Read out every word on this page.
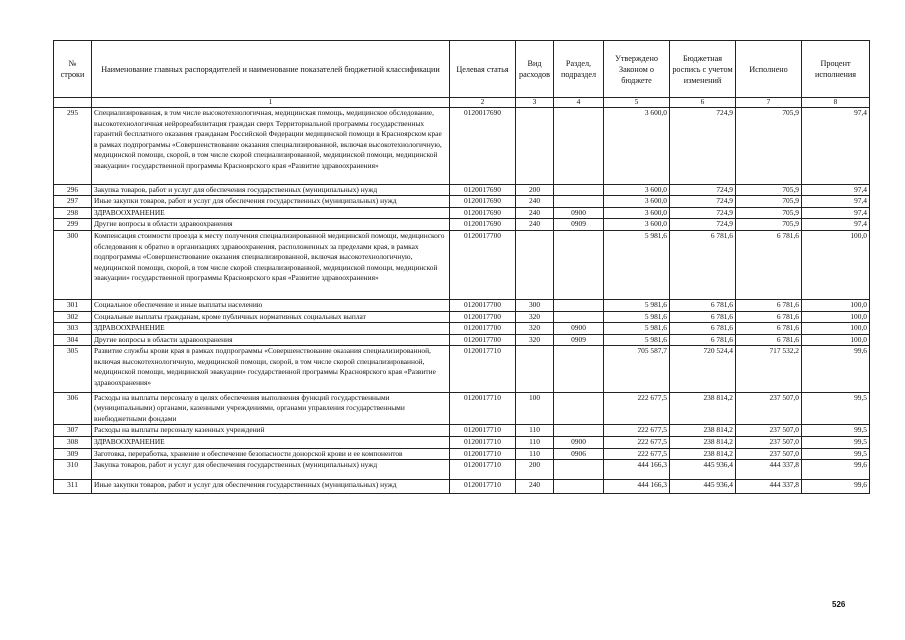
№ строки	Наименование главных распорядителей и наименование показателей бюджетной классификации	Целевая статья	Вид расходов	Раздел, подраздел	Утверждено Законом о бюджете	Бюджетная роспись с учетом изменений	Исполнено	Процент исполнения
	1	2	3	4	5	6	7	8
295	Специализированная, в том числе высокотехнологичная, медицинская помощь, медицинское обследование, высокотехнологичная нейрореабилитация граждан сверх Территориальной программы государственных гарантий бесплатного оказания гражданам Российской Федерации медицинской помощи в Красноярском крае в рамках подпрограммы «Совершенствование оказания специализированной, включая высокотехнологичную, медицинской помощи, скорой, в том числе скорой специализированной, медицинской помощи, медицинской эвакуации» государственной программы Красноярского края «Развитие здравоохранения»	0120017690			3 600,0	724,9	705,9	97,4
296	Закупка товаров, работ и услуг для обеспечения государственных (муниципальных) нужд	0120017690	200		3 600,0	724,9	705,9	97,4
297	Иные закупки товаров, работ и услуг для обеспечения государственных (муниципальных) нужд	0120017690	240		3 600,0	724,9	705,9	97,4
298	ЗДРАВООХРАНЕНИЕ	0120017690	240	0900	3 600,0	724,9	705,9	97,4
299	Другие вопросы в области здравоохранения	0120017690	240	0909	3 600,0	724,9	705,9	97,4
300	Компенсация стоимости проезда к месту получения специализированной медицинской помощи, медицинского обследования к обратно в организациях здравоохранения, расположенных за пределами края, в рамках подпрограммы «Совершенствование оказания специализированной, включая высокотехнологичную, медицинской помощи, скорой, в том числе скорой специализированной, медицинской помощи, медицинской эвакуации» государственной программы Красноярского края «Развитие здравоохранения»	0120017700			5 981,6	6 781,6	6 781,6	100,0
301	Социальное обеспечение и иные выплаты населению	0120017700	300		5 981,6	6 781,6	6 781,6	100,0
302	Социальные выплаты гражданам, кроме публичных нормативных социальных выплат	0120017700	320		5 981,6	6 781,6	6 781,6	100,0
303	ЗДРАВООХРАНЕНИЕ	0120017700	320	0900	5 981,6	6 781,6	6 781,6	100,0
304	Другие вопросы в области здравоохранения	0120017700	320	0909	5 981,6	6 781,6	6 781,6	100,0
305	Развитие службы крови края в рамках подпрограммы «Совершенствование оказания специализированной, включая высокотехнологичную, медицинской помощи, скорой, в том числе скорой специализированной, медицинской помощи, медицинской эвакуации» государственной программы Красноярского края «Развитие здравоохранения»	0120017710			705 587,7	720 524,4	717 532,2	99,6
306	Расходы на выплаты персоналу в целях обеспечения выполнения функций государственными (муниципальными) органами, казенными учреждениями, органами управления государственными внебюджетными фондами	0120017710	100		222 677,5	238 814,2	237 507,0	99,5
307	Расходы на выплаты персоналу казенных учреждений	0120017710	110		222 677,5	238 814,2	237 507,0	99,5
308	ЗДРАВООХРАНЕНИЕ	0120017710	110	0900	222 677,5	238 814,2	237 507,0	99,5
309	Заготовка, переработка, хранение и обеспечение безопасности донорской крови и ее компонентов	0120017710	110	0906	222 677,5	238 814,2	237 507,0	99,5
310	Закупка товаров, работ и услуг для обеспечения государственных (муниципальных) нужд	0120017710	200		444 166,3	445 936,4	444 337,8	99,6
311	Иные закупки товаров, работ и услуг для обеспечения государственных (муниципальных) нужд	0120017710	240		444 166,3	445 936,4	444 337,8	99,6
526
